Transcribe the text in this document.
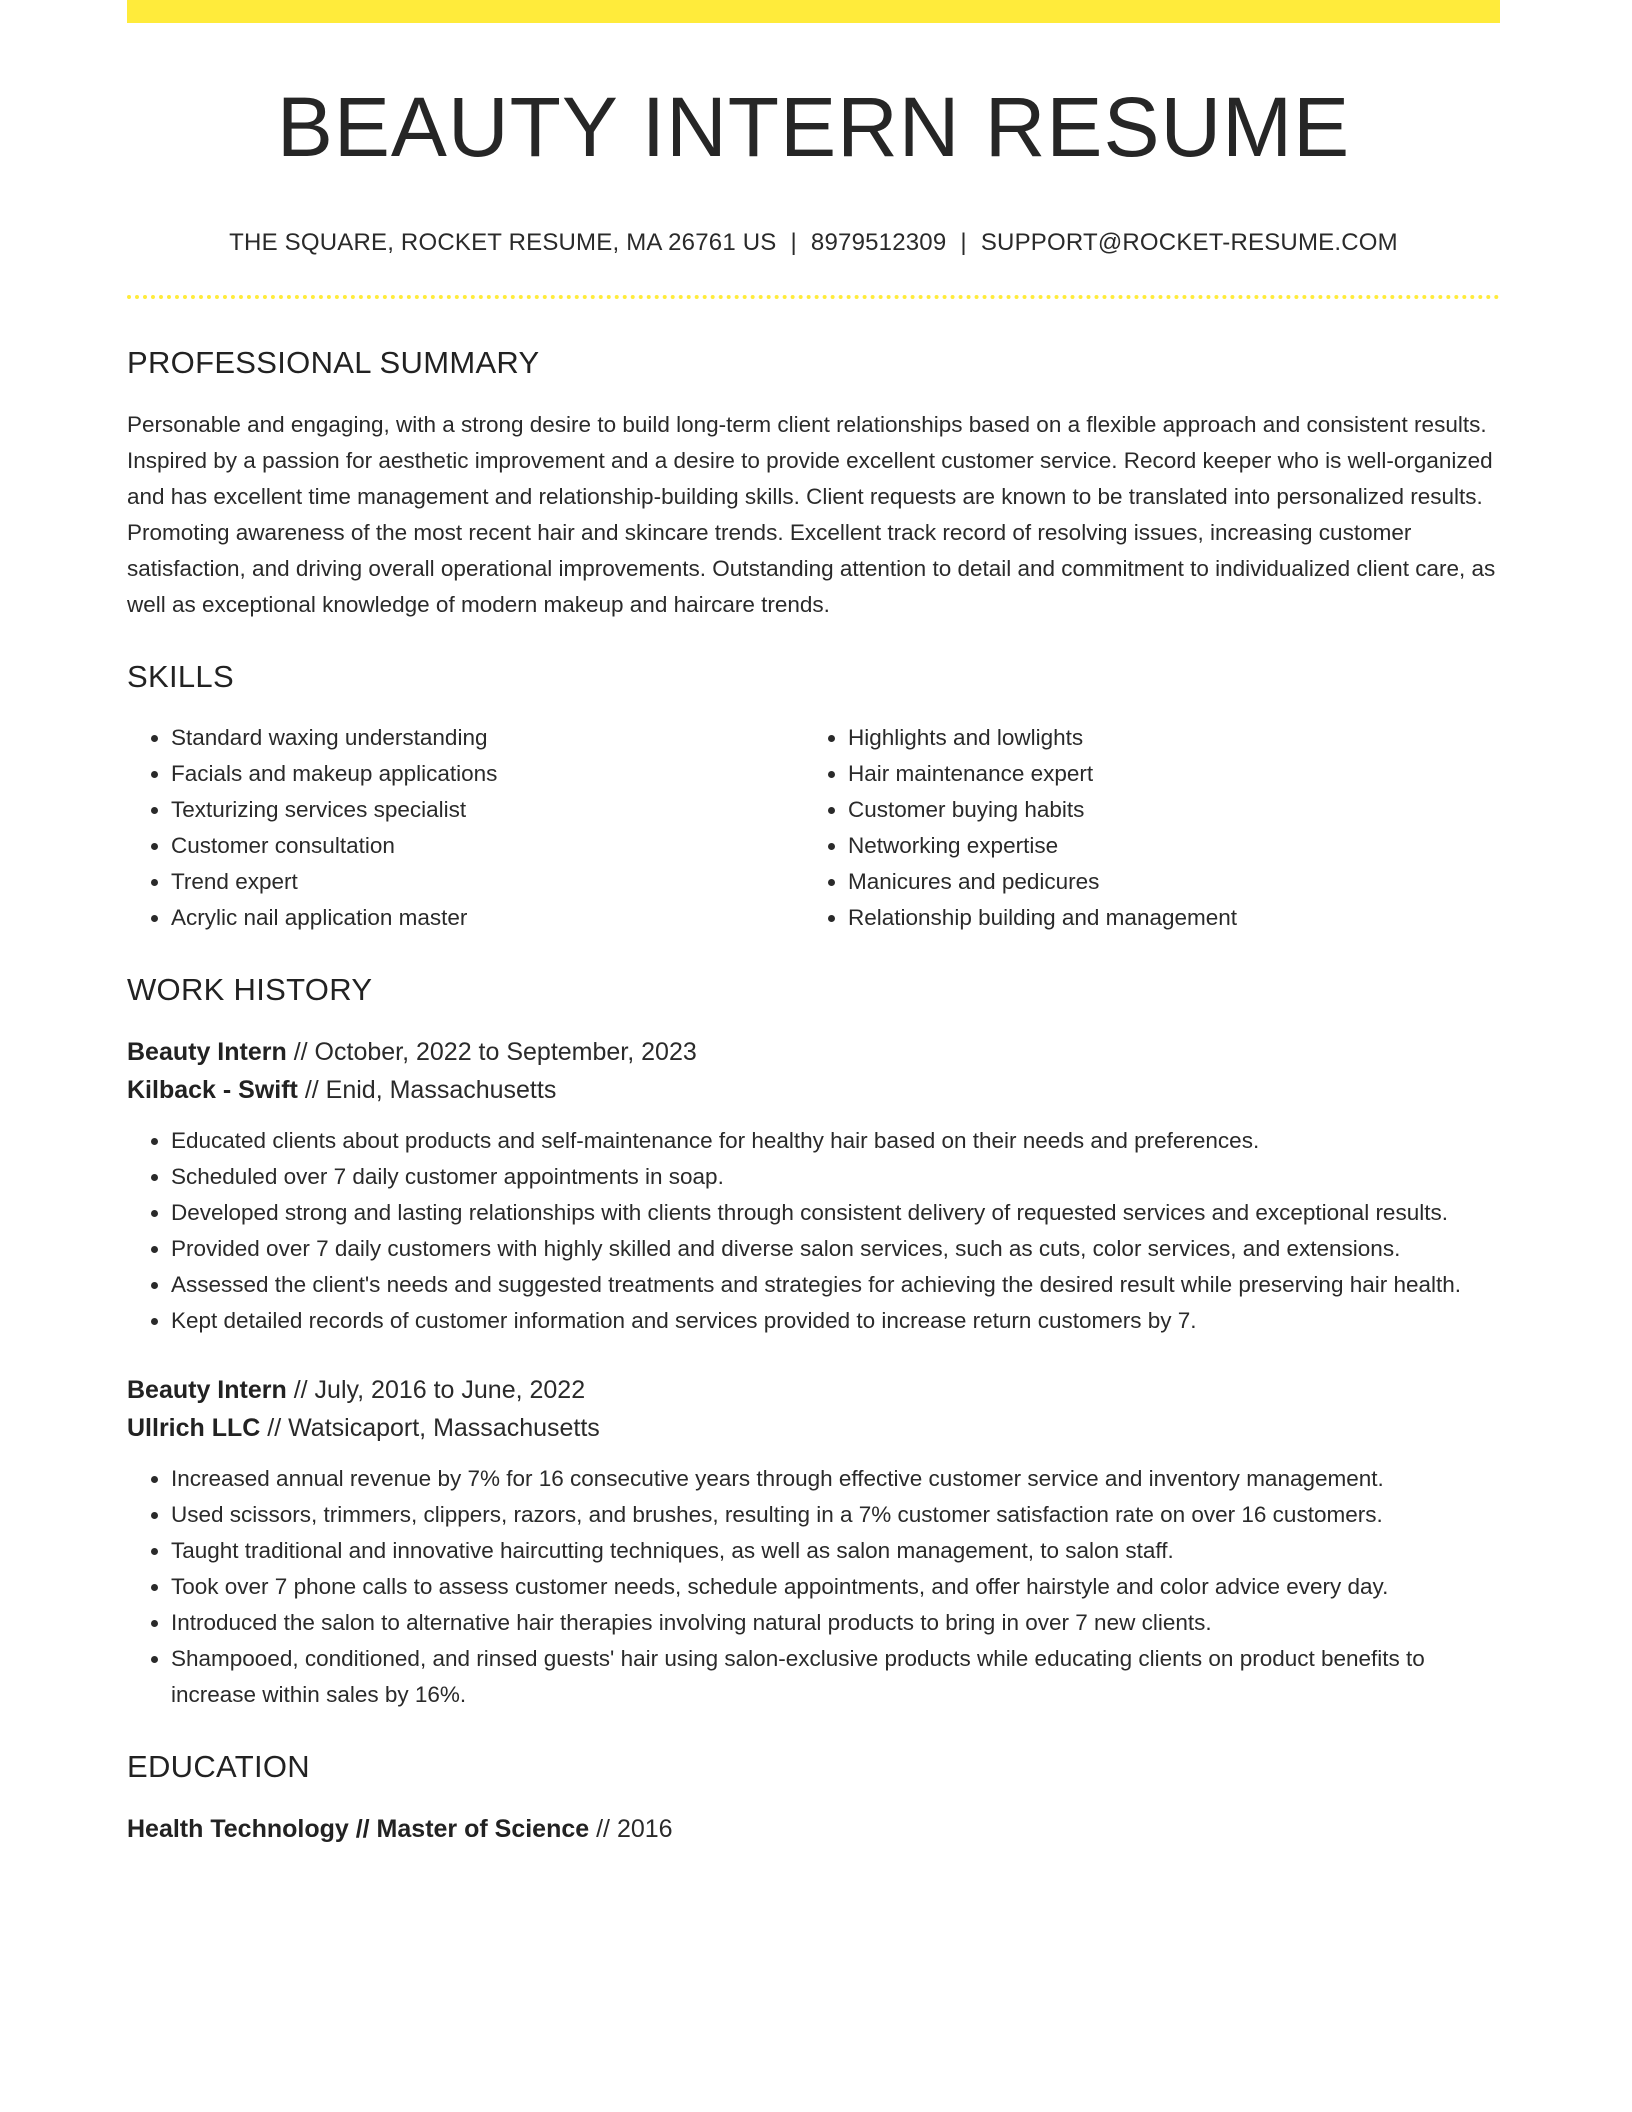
BEAUTY INTERN RESUME
THE SQUARE, ROCKET RESUME, MA 26761 US | 8979512309 | SUPPORT@ROCKET-RESUME.COM
PROFESSIONAL SUMMARY

Personable and engaging, with a strong desire to build long-term client relationships based on a flexible approach and consistent results. Inspired by a passion for aesthetic improvement and a desire to provide excellent customer service. Record keeper who is well-organized and has excellent time management and relationship-building skills. Client requests are known to be translated into personalized results. Promoting awareness of the most recent hair and skincare trends. Excellent track record of resolving issues, increasing customer satisfaction, and driving overall operational improvements. Outstanding attention to detail and commitment to individualized client care, as well as exceptional knowledge of modern makeup and haircare trends.

SKILLS
• Standard waxing understanding
• Facials and makeup applications
• Texturizing services specialist
• Customer consultation
• Trend expert
• Acrylic nail application master
• Highlights and lowlights
• Hair maintenance expert
• Customer buying habits
• Networking expertise
• Manicures and pedicures
• Relationship building and management
WORK HISTORY
Beauty Intern // October, 2022 to September, 2023
Kilback - Swift // Enid, Massachusetts
• Educated clients about products and self-maintenance for healthy hair based on their needs and preferences.
• Scheduled over 7 daily customer appointments in soap.
• Developed strong and lasting relationships with clients through consistent delivery of requested services and exceptional results.
• Provided over 7 daily customers with highly skilled and diverse salon services, such as cuts, color services, and extensions.
• Assessed the client's needs and suggested treatments and strategies for achieving the desired result while preserving hair health.
• Kept detailed records of customer information and services provided to increase return customers by 7.
Beauty Intern // July, 2016 to June, 2022
Ullrich LLC // Watsicaport, Massachusetts
• Increased annual revenue by 7% for 16 consecutive years through effective customer service and inventory management.
• Used scissors, trimmers, clippers, razors, and brushes, resulting in a 7% customer satisfaction rate on over 16 customers.
• Taught traditional and innovative haircutting techniques, as well as salon management, to salon staff.
• Took over 7 phone calls to assess customer needs, schedule appointments, and offer hairstyle and color advice every day.
• Introduced the salon to alternative hair therapies involving natural products to bring in over 7 new clients.
• Shampooed, conditioned, and rinsed guests' hair using salon-exclusive products while educating clients on product benefits to increase within sales by 16%.
EDUCATION
Health Technology // Master of Science // 2016
